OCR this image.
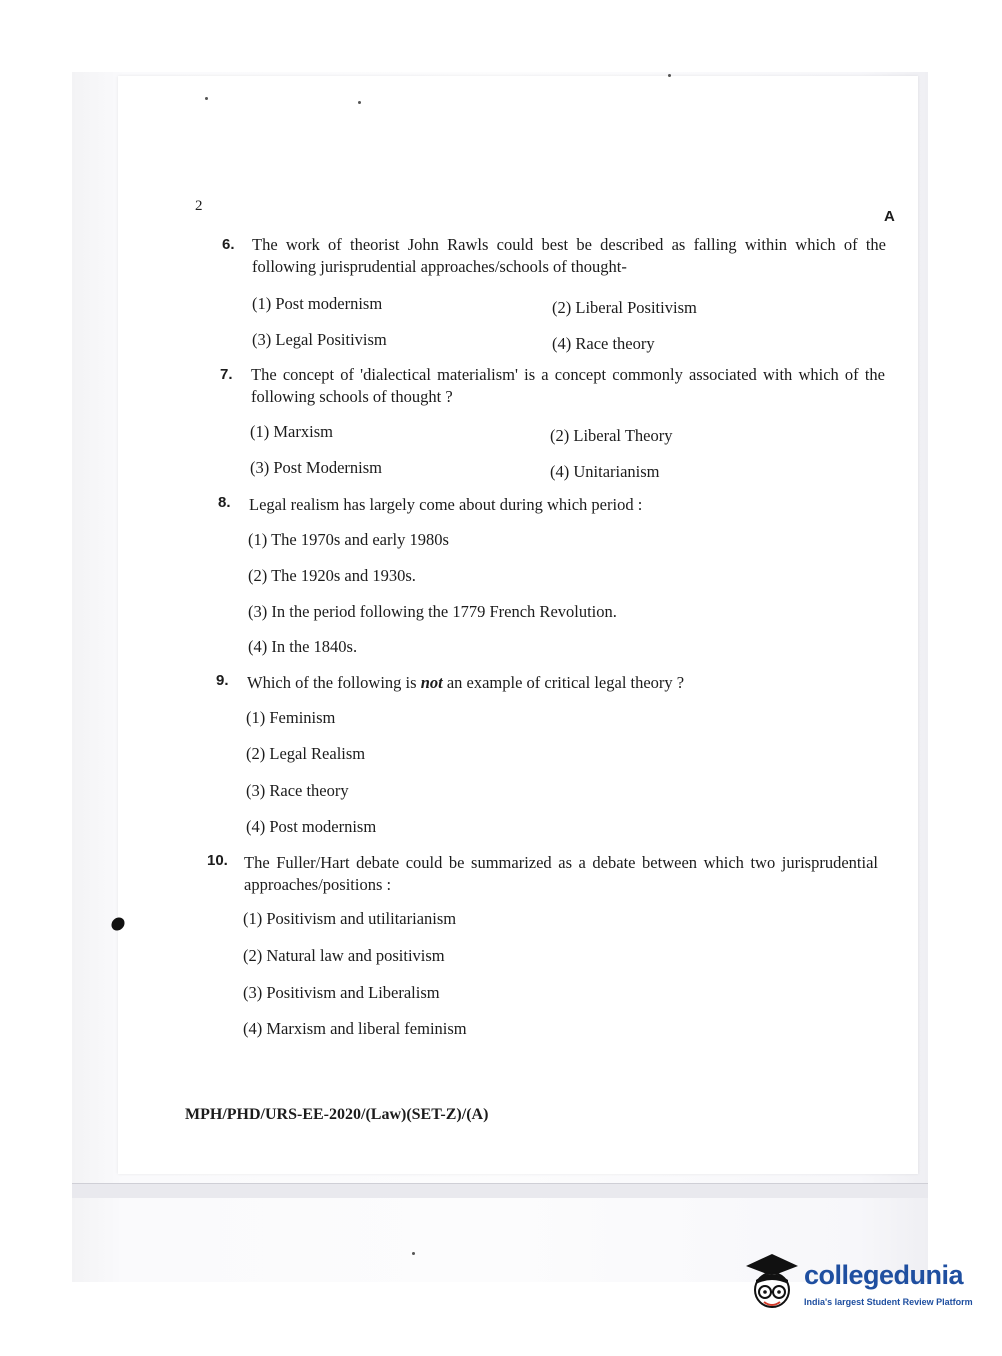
2
A
6. The work of theorist John Rawls could best be described as falling within which of the following jurisprudential approaches/schools of thought-
(1) Post modernism	(2) Liberal Positivism
(3) Legal Positivism	(4) Race theory
7. The concept of 'dialectical materialism' is a concept commonly associated with which of the following schools of thought ?
(1) Marxism	(2) Liberal Theory
(3) Post Modernism	(4) Unitarianism
8. Legal realism has largely come about during which period :
(1) The 1970s and early 1980s
(2) The 1920s and 1930s.
(3) In the period following the 1779 French Revolution.
(4) In the 1840s.
9. Which of the following is not an example of critical legal theory ?
(1) Feminism
(2) Legal Realism
(3) Race theory
(4) Post modernism
10. The Fuller/Hart debate could be summarized as a debate between which two jurisprudential approaches/positions :
(1) Positivism and utilitarianism
(2) Natural law and positivism
(3) Positivism and Liberalism
(4) Marxism and liberal feminism
MPH/PHD/URS-EE-2020/(Law)(SET-Z)/(A)
collegedunia
India's largest Student Review Platform
